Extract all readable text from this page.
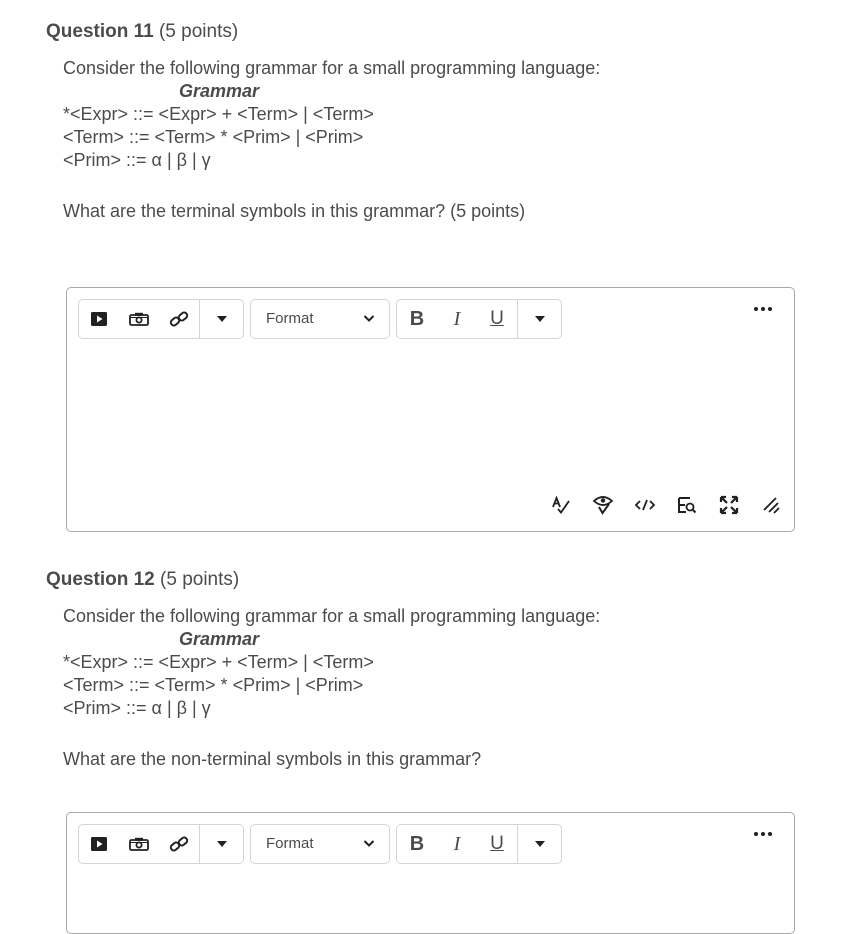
Question 11 (5 points)
Consider the following grammar for a small programming language:
Grammar
*<Expr> ::= <Expr> + <Term> | <Term>
<Term> ::= <Term> * <Prim> | <Prim>
<Prim> ::= α | β | γ
What are the terminal symbols in this grammar? (5 points)
Format	B I U
Question 12 (5 points)
Consider the following grammar for a small programming language:
Grammar
*<Expr> ::= <Expr> + <Term> | <Term>
<Term> ::= <Term> * <Prim> | <Prim>
<Prim> ::= α | β | γ
What are the non-terminal symbols in this grammar?
Format	B I U
